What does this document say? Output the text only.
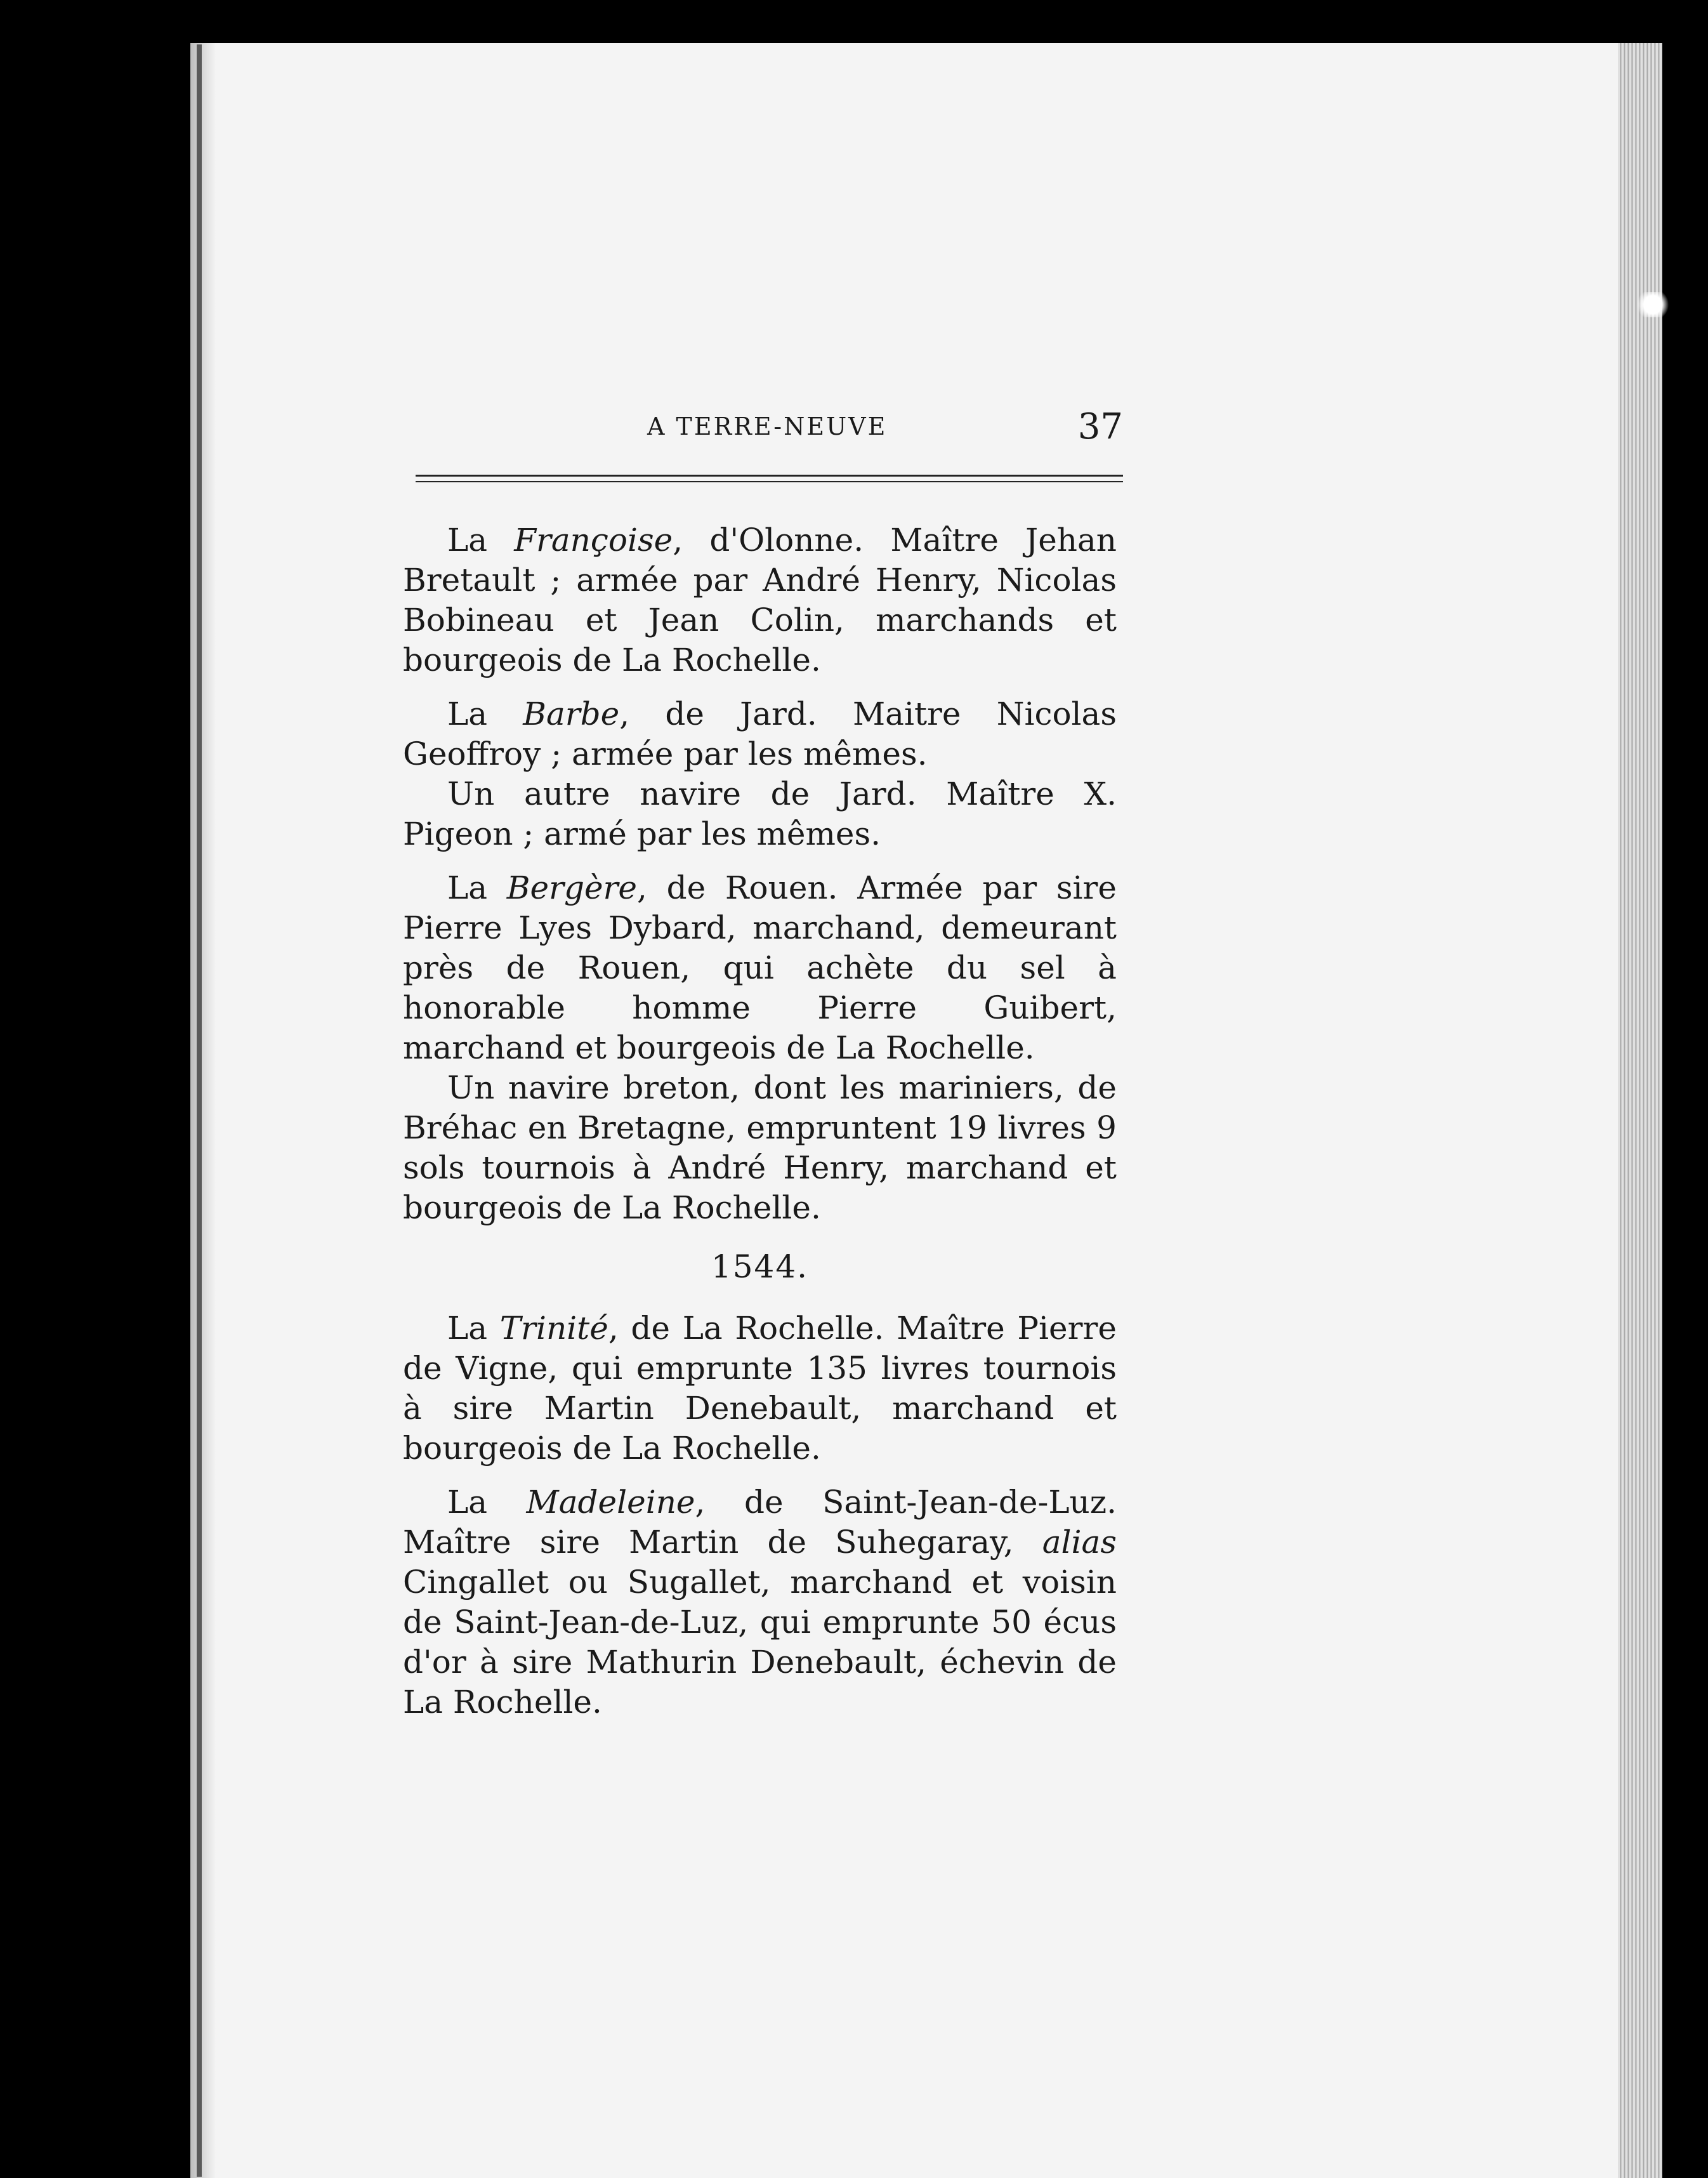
A TERRE-NEUVE	37

La Françoise, d'Olonne. Maître Jehan Bretault ; armée par André Henry, Nicolas Bobineau et Jean Colin, marchands et bourgeois de La Rochelle.

La Barbe, de Jard. Maitre Nicolas Geoffroy ; armée par les mêmes.

Un autre navire de Jard. Maître X. Pigeon ; armé par les mêmes.

La Bergère, de Rouen. Armée par sire Pierre Lyes Dybard, marchand, demeurant près de Rouen, qui achète du sel à honorable homme Pierre Guibert, marchand et bourgeois de La Rochelle.

Un navire breton, dont les mariniers, de Bréhac en Bretagne, empruntent 19 livres 9 sols tournois à André Henry, marchand et bourgeois de La Rochelle.

1544.

La Trinité, de La Rochelle. Maître Pierre de Vigne, qui emprunte 135 livres tournois à sire Martin Denebault, marchand et bourgeois de La Rochelle.

La Madeleine, de Saint-Jean-de-Luz. Maître sire Martin de Suhegaray, alias Cingallet ou Sugallet, marchand et voisin de Saint-Jean-de-Luz, qui emprunte 50 écus d'or à sire Mathurin Denebault, échevin de La Rochelle.
